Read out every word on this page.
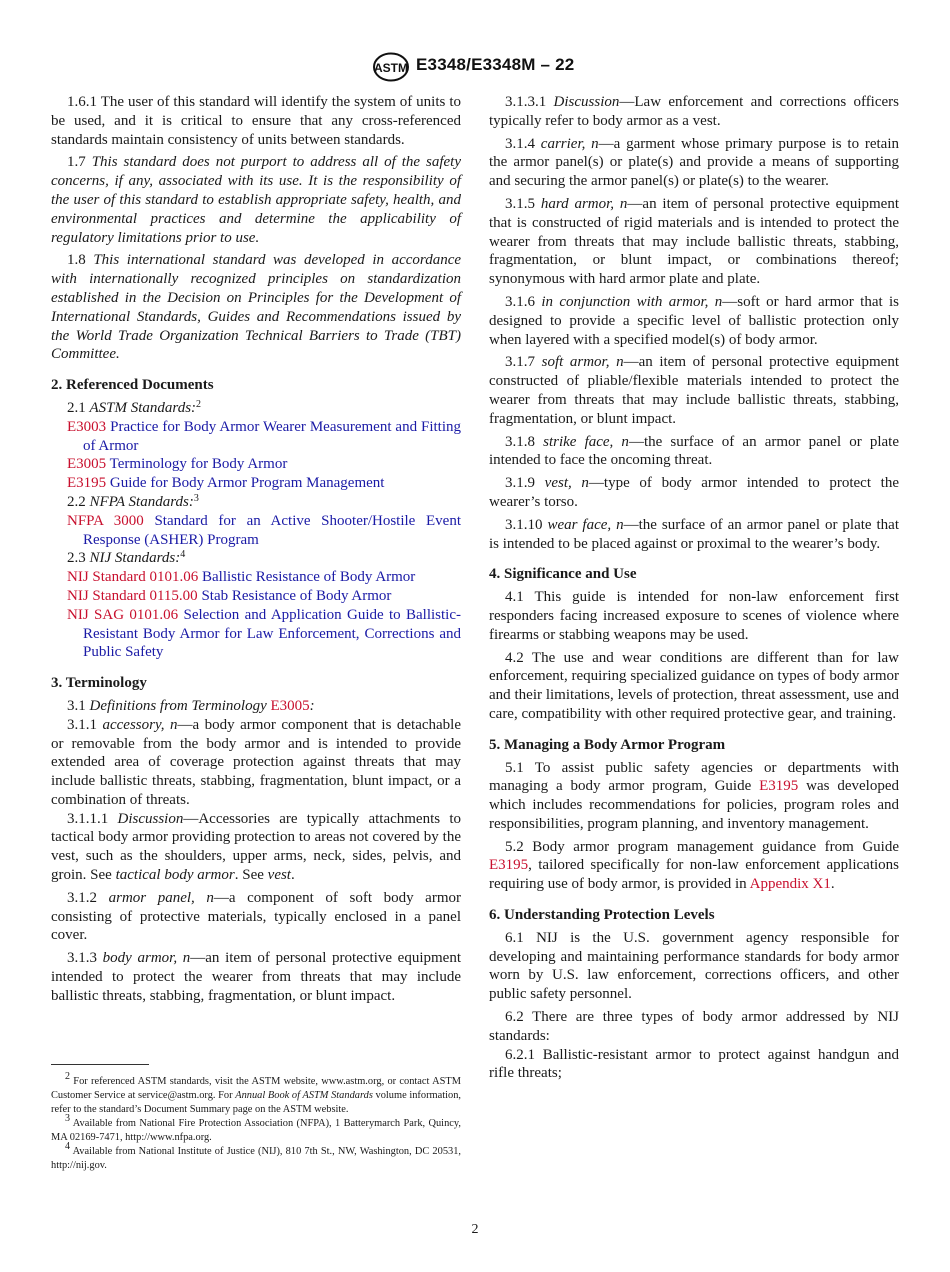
ASTM E3348/E3348M – 22

1.6.1 The user of this standard will identify the system of units to be used, and it is critical to ensure that any cross-referenced standards maintain consistency of units between standards.

1.7 This standard does not purport to address all of the safety concerns, if any, associated with its use. It is the responsibility of the user of this standard to establish appropriate safety, health, and environmental practices and determine the applicability of regulatory limitations prior to use.

1.8 This international standard was developed in accordance with internationally recognized principles on standardization established in the Decision on Principles for the Development of International Standards, Guides and Recommendations issued by the World Trade Organization Technical Barriers to Trade (TBT) Committee.

2. Referenced Documents

2.1 ASTM Standards:$^2$

E3003 Practice for Body Armor Wearer Measurement and Fitting of Armor

E3005 Terminology for Body Armor

E3195 Guide for Body Armor Program Management

2.2 NFPA Standards:$^3$

NFPA 3000 Standard for an Active Shooter/Hostile Event Response (ASHER) Program

2.3 NIJ Standards:$^4$

NIJ Standard 0101.06 Ballistic Resistance of Body Armor

NIJ Standard 0115.00 Stab Resistance of Body Armor

NIJ SAG 0101.06 Selection and Application Guide to Ballistic-Resistant Body Armor for Law Enforcement, Corrections and Public Safety

3. Terminology

3.1 Definitions from Terminology E3005:

3.1.1 accessory, n—a body armor component that is detachable or removable from the body armor and is intended to provide extended area of coverage protection against threats that may include ballistic threats, stabbing, fragmentation, blunt impact, or a combination of threats.

3.1.1.1 Discussion—Accessories are typically attachments to tactical body armor providing protection to areas not covered by the vest, such as the shoulders, upper arms, neck, sides, pelvis, and groin. See tactical body armor. See vest.

3.1.2 armor panel, n—a component of soft body armor consisting of protective materials, typically enclosed in a panel cover.

3.1.3 body armor, n—an item of personal protective equipment intended to protect the wearer from threats that may include ballistic threats, stabbing, fragmentation, or blunt impact.

$^2$ For referenced ASTM standards, visit the ASTM website, www.astm.org, or contact ASTM Customer Service at service@astm.org. For Annual Book of ASTM Standards volume information, refer to the standard’s Document Summary page on the ASTM website.

$^3$ Available from National Fire Protection Association (NFPA), 1 Batterymarch Park, Quincy, MA 02169-7471, http://www.nfpa.org.

$^4$ Available from National Institute of Justice (NIJ), 810 7th St., NW, Washington, DC 20531, http://nij.gov.

3.1.3.1 Discussion—Law enforcement and corrections officers typically refer to body armor as a vest.

3.1.4 carrier, n—a garment whose primary purpose is to retain the armor panel(s) or plate(s) and provide a means of supporting and securing the armor panel(s) or plate(s) to the wearer.

3.1.5 hard armor, n—an item of personal protective equipment that is constructed of rigid materials and is intended to protect the wearer from threats that may include ballistic threats, stabbing, fragmentation, or blunt impact, or combinations thereof; synonymous with hard armor plate and plate.

3.1.6 in conjunction with armor, n—soft or hard armor that is designed to provide a specific level of ballistic protection only when layered with a specified model(s) of body armor.

3.1.7 soft armor, n—an item of personal protective equipment constructed of pliable/flexible materials intended to protect the wearer from threats that may include ballistic threats, stabbing, fragmentation, or blunt impact.

3.1.8 strike face, n—the surface of an armor panel or plate intended to face the oncoming threat.

3.1.9 vest, n—type of body armor intended to protect the wearer’s torso.

3.1.10 wear face, n—the surface of an armor panel or plate that is intended to be placed against or proximal to the wearer’s body.

4. Significance and Use

4.1 This guide is intended for non-law enforcement first responders facing increased exposure to scenes of violence where firearms or stabbing weapons may be used.

4.2 The use and wear conditions are different than for law enforcement, requiring specialized guidance on types of body armor and their limitations, levels of protection, threat assessment, use and care, compatibility with other required protective gear, and training.

5. Managing a Body Armor Program

5.1 To assist public safety agencies or departments with managing a body armor program, Guide E3195 was developed which includes recommendations for policies, program roles and responsibilities, program planning, and inventory management.

5.2 Body armor program management guidance from Guide E3195, tailored specifically for non-law enforcement applications requiring use of body armor, is provided in Appendix X1.

6. Understanding Protection Levels

6.1 NIJ is the U.S. government agency responsible for developing and maintaining performance standards for body armor worn by U.S. law enforcement, corrections officers, and other public safety personnel.

6.2 There are three types of body armor addressed by NIJ standards:

6.2.1 Ballistic-resistant armor to protect against handgun and rifle threats;

2
